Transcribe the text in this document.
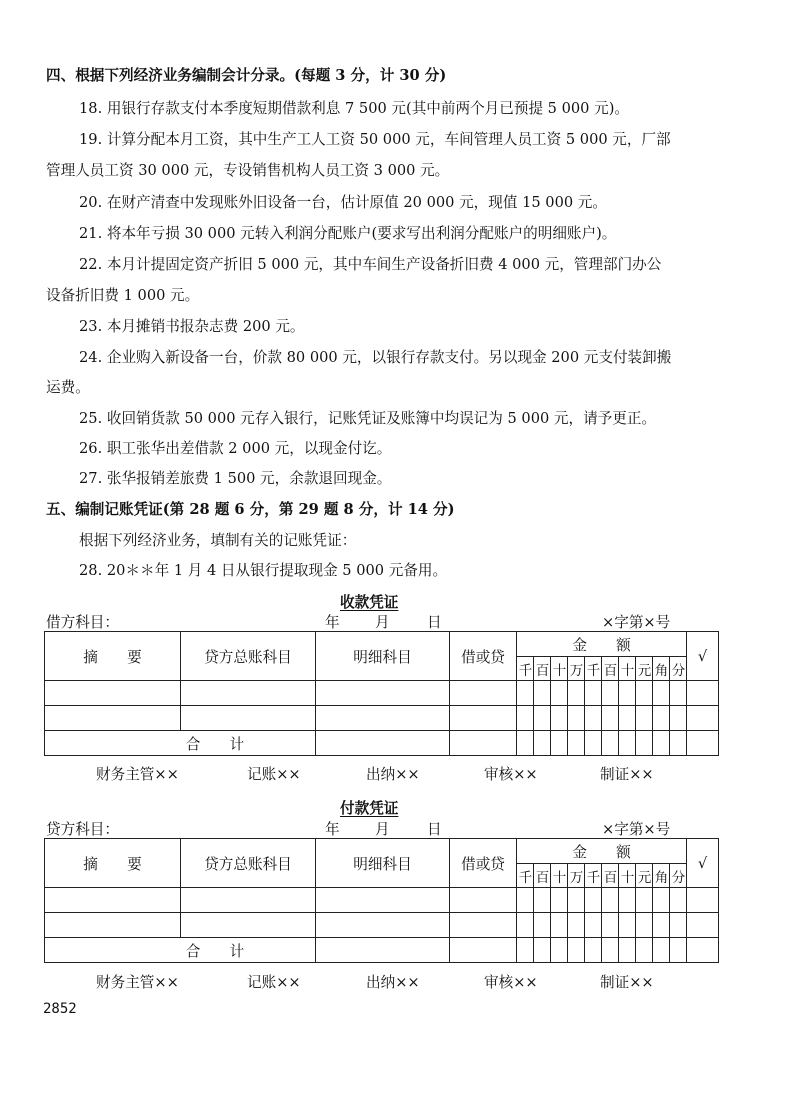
四、根据下列经济业务编制会计分录。(每题 3 分，计 30 分)
18. 用银行存款支付本季度短期借款利息 7 500 元(其中前两个月已预提 5 000 元)。
19. 计算分配本月工资，其中生产工人工资 50 000 元，车间管理人员工资 5 000 元，厂部
管理人员工资 30 000 元，专设销售机构人员工资 3 000 元。
20. 在财产清查中发现账外旧设备一台，估计原值 20 000 元，现值 15 000 元。
21. 将本年亏损 30 000 元转入利润分配账户(要求写出利润分配账户的明细账户)。
22. 本月计提固定资产折旧 5 000 元，其中车间生产设备折旧费 4 000 元，管理部门办公
设备折旧费 1 000 元。
23. 本月摊销书报杂志费 200 元。
24. 企业购入新设备一台，价款 80 000 元，以银行存款支付。另以现金 200 元支付装卸搬
运费。
25. 收回销货款 50 000 元存入银行，记账凭证及账簿中均误记为 5 000 元，请予更正。
26. 职工张华出差借款 2 000 元，以现金付讫。
27. 张华报销差旅费 1 500 元，余款退回现金。
五、编制记账凭证(第 28 题 6 分，第 29 题 8 分，计 14 分)
根据下列经济业务，填制有关的记账凭证：
28. 20＊＊年 1 月 4 日从银行提取现金 5 000 元备用。
收款凭证
借方科目：	年 月	日	×字第×号
摘　　要	贷方总账科目	明细科目	借或贷	金　　额										√
				千	百	十	万	千	百	十	元	角	分	

合　　计														
财务主管××	记账××	出纳××	审核××	制证××
付款凭证
贷方科目：	年 月	日	×字第×号
摘　　要	贷方总账科目	明细科目	借或贷	金　　额										√
				千	百	十	万	千	百	十	元	角	分	

合　　计														
财务主管××	记账××	出纳××	审核××	制证××
2852
